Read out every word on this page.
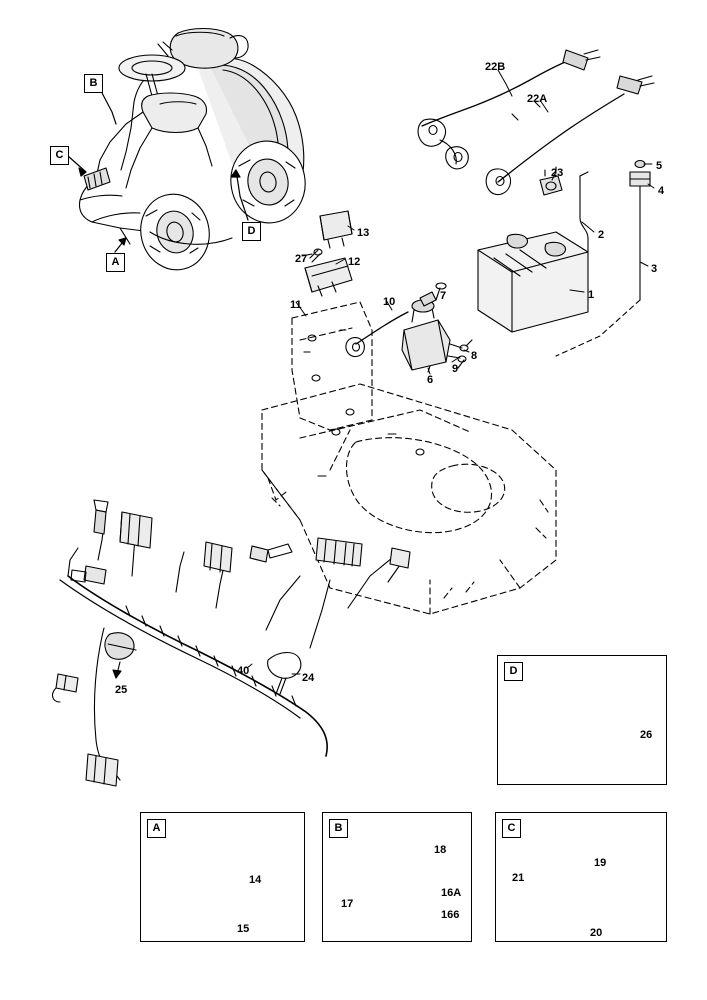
B
C
A
D
D
A	B	C
22B
22A
23
5
4
2
3
1
13
12
27
11	10	7
8
9
6
40
24
25
26
14
15
18
16A
166
17
19
21
20
